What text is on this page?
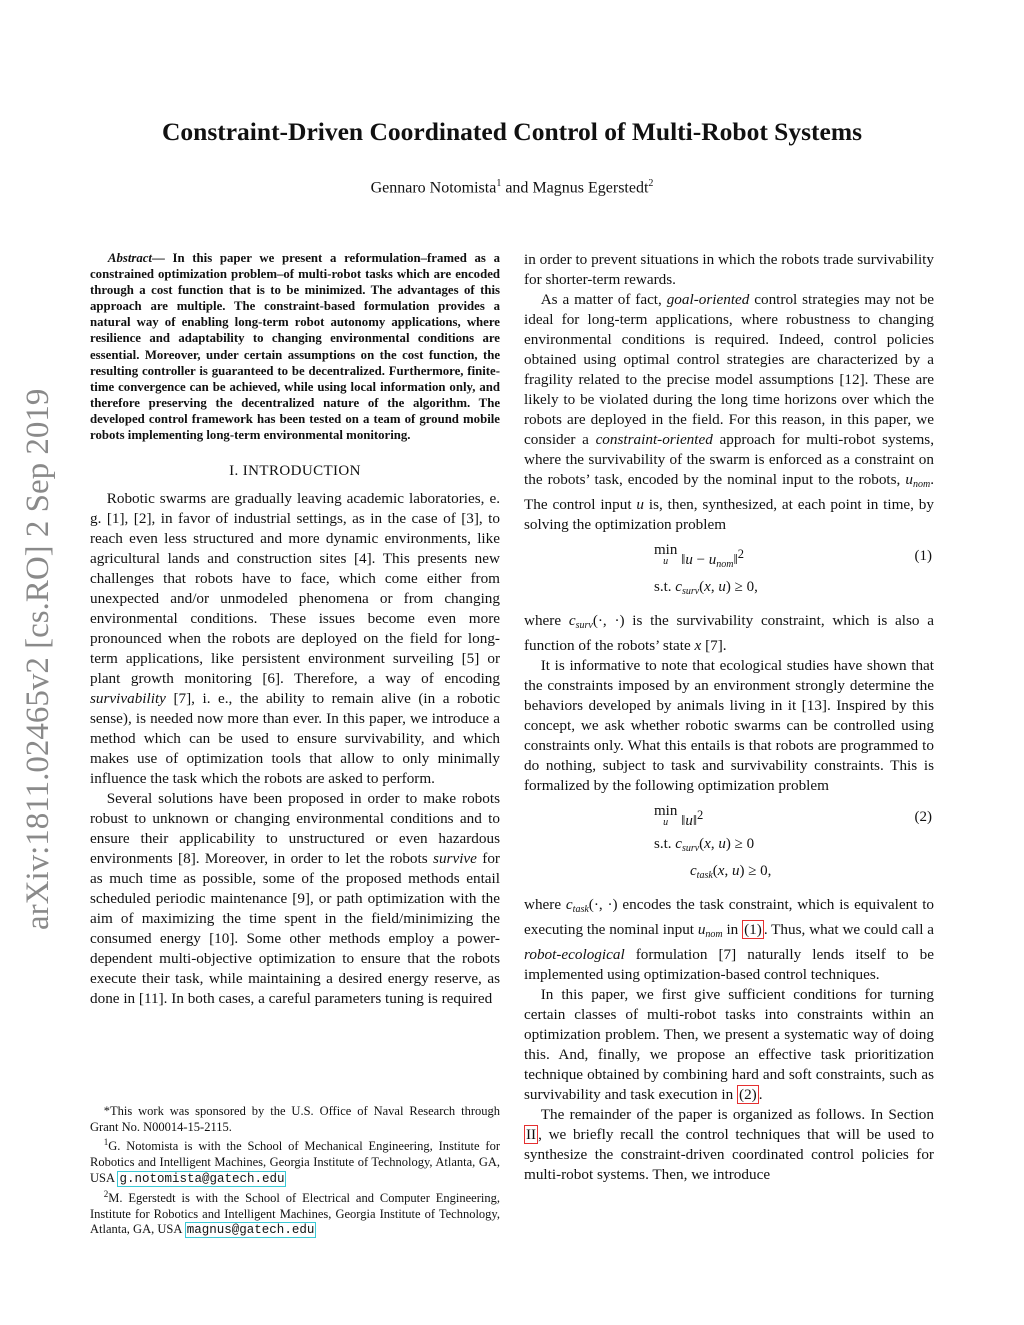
arXiv:1811.02465v2 [cs.RO] 2 Sep 2019
Constraint-Driven Coordinated Control of Multi-Robot Systems
Gennaro Notomista$^1$ and Magnus Egerstedt$^2$

Abstract— In this paper we present a reformulation–framed as a constrained optimization problem–of multi-robot tasks which are encoded through a cost function that is to be minimized. The advantages of this approach are multiple. The constraint-based formulation provides a natural way of enabling long-term robot autonomy applications, where resilience and adaptability to changing environmental conditions are essential. Moreover, under certain assumptions on the cost function, the resulting controller is guaranteed to be decentralized. Furthermore, finite-time convergence can be achieved, while using local information only, and therefore preserving the decentralized nature of the algorithm. The developed control framework has been tested on a team of ground mobile robots implementing long-term environmental monitoring.

I. INTRODUCTION

Robotic swarms are gradually leaving academic laboratories, e. g. [1], [2], in favor of industrial settings, as in the case of [3], to reach even less structured and more dynamic environments, like agricultural lands and construction sites [4]. This presents new challenges that robots have to face, which come either from unexpected and/or unmodeled phenomena or from changing environmental conditions. These issues become even more pronounced when the robots are deployed on the field for long-term applications, like persistent environment surveiling [5] or plant growth monitoring [6]. Therefore, a way of encoding survivability [7], i. e., the ability to remain alive (in a robotic sense), is needed now more than ever. In this paper, we introduce a method which can be used to ensure survivability, and which makes use of optimization tools that allow to only minimally influence the task which the robots are asked to perform.

Several solutions have been proposed in order to make robots robust to unknown or changing environmental conditions and to ensure their applicability to unstructured or even hazardous environments [8]. Moreover, in order to let the robots survive for as much time as possible, some of the proposed methods entail scheduled periodic maintenance [9], or path optimization with the aim of maximizing the time spent in the field/minimizing the consumed energy [10]. Some other methods employ a power-dependent multi-objective optimization to ensure that the robots execute their task, while maintaining a desired energy reserve, as done in [11]. In both cases, a careful parameters tuning is required

*This work was sponsored by the U.S. Office of Naval Research through Grant No. N00014-15-2115.

$^1$G. Notomista is with the School of Mechanical Engineering, Institute for Robotics and Intelligent Machines, Georgia Institute of Technology, Atlanta, GA, USA g.notomista@gatech.edu

$^2$M. Egerstedt is with the School of Electrical and Computer Engineering, Institute for Robotics and Intelligent Machines, Georgia Institute of Technology, Atlanta, GA, USA magnus@gatech.edu

in order to prevent situations in which the robots trade survivability for shorter-term rewards.

As a matter of fact, goal-oriented control strategies may not be ideal for long-term applications, where robustness to changing environmental conditions is required. Indeed, control policies obtained using optimal control strategies are characterized by a fragility related to the precise model assumptions [12]. These are likely to be violated during the long time horizons over which the robots are deployed in the field. For this reason, in this paper, we consider a constraint-oriented approach for multi-robot systems, where the survivability of the swarm is enforced as a constraint on the robots’ task, encoded by the nominal input to the robots, $u_{nom}$. The control input u is, then, synthesized, at each point in time, by solving the optimization problem

min
u ‖u − $u_{nom}‖^2$
s.t. $c_{surv}(x$, u) ≥ 0,
(1)

where $c_{surv}(\cdot$, ·) is the survivability constraint, which is also a function of the robots’ state x [7].

It is informative to note that ecological studies have shown that the constraints imposed by an environment strongly determine the behaviors developed by animals living in it [13]. Inspired by this concept, we ask whether robotic swarms can be controlled using constraints only. What this entails is that robots are programmed to do nothing, subject to task and survivability constraints. This is formalized by the following optimization problem

min
u ‖u‖$^2$
s.t. $c_{surv}(x$, u) ≥ 0
$c_{task}(x$, u) ≥ 0,
(2)

where $c_{task}(\cdot$, ·) encodes the task constraint, which is equivalent to executing the nominal input $u_{nom}$ in (1) . Thus, what we could call a robot-ecological formulation [7] naturally lends itself to be implemented using optimization-based control techniques.

In this paper, we first give sufficient conditions for turning certain classes of multi-robot tasks into constraints within an optimization problem. Then, we present a systematic way of doing this. And, finally, we propose an effective task prioritization technique obtained by combining hard and soft constraints, such as survivability and task execution in (2) .

The remainder of the paper is organized as follows. In Section II , we briefly recall the control techniques that will be used to synthesize the constraint-driven coordinated control policies for multi-robot systems. Then, we introduce
